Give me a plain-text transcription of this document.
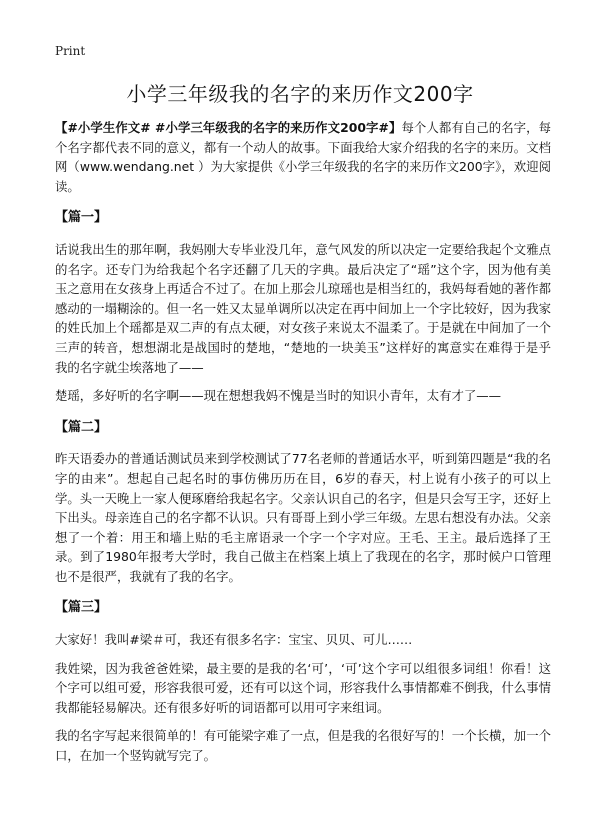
Print
小学三年级我的名字的来历作文200字

【#小学生作文# #小学三年级我的名字的来历作文200字#】每个人都有自己的名字，每个名字都代表不同的意义，都有一个动人的故事。下面我给大家介绍我的名字的来历。文档网（www.wendang.net ）为大家提供《小学三年级我的名字的来历作文200字》，欢迎阅读。

【篇一】

话说我出生的那年啊，我妈刚大专毕业没几年，意气风发的所以决定一定要给我起个文雅点的名字。还专门为给我起个名字还翻了几天的字典。最后决定了“瑶”这个字，因为他有美玉之意用在女孩身上再适合不过了。在加上那会儿琼瑶也是相当红的，我妈每看她的著作都感动的一塌糊涂的。但一名一姓又太显单调所以决定在再中间加上一个字比较好，因为我家的姓氏加上个瑶都是双二声的有点太硬，对女孩子来说太不温柔了。于是就在中间加了一个三声的转音，想想湖北是战国时的楚地，“楚地的一块美玉”这样好的寓意实在难得于是乎我的名字就尘埃落地了——

楚瑶，多好听的名字啊——现在想想我妈不愧是当时的知识小青年，太有才了——

【篇二】

昨天语委办的普通话测试员来到学校测试了77名老师的普通话水平，听到第四题是“我的名字的由来”。想起自己起名时的事仿佛历历在目，6岁的春天，村上说有小孩子的可以上学。头一天晚上一家人便琢磨给我起名字。父亲认识自己的名字，但是只会写王字，还好上下出头。母亲连自己的名字都不认识。只有哥哥上到小学三年级。左思右想没有办法。父亲想了一个着：用王和墙上贴的毛主席语录一个字一个字对应。王毛、王主。最后选择了王录。到了1980年报考大学时，我自己做主在档案上填上了我现在的名字，那时候户口管理也不是很严，我就有了我的名字。

【篇三】

大家好！我叫#梁＃可，我还有很多名字：宝宝、贝贝、可儿……

我姓梁，因为我爸爸姓梁，最主要的是我的名‘可’，‘可’这个字可以组很多词组！你看！这个字可以组可爱，形容我很可爱，还有可以这个词，形容我什么事情都难不倒我，什么事情我都能轻易解决。还有很多好听的词语都可以用可字来组词。

我的名字写起来很简单的！有可能梁字难了一点，但是我的名很好写的！一个长横，加一个口，在加一个竖钩就写完了。
